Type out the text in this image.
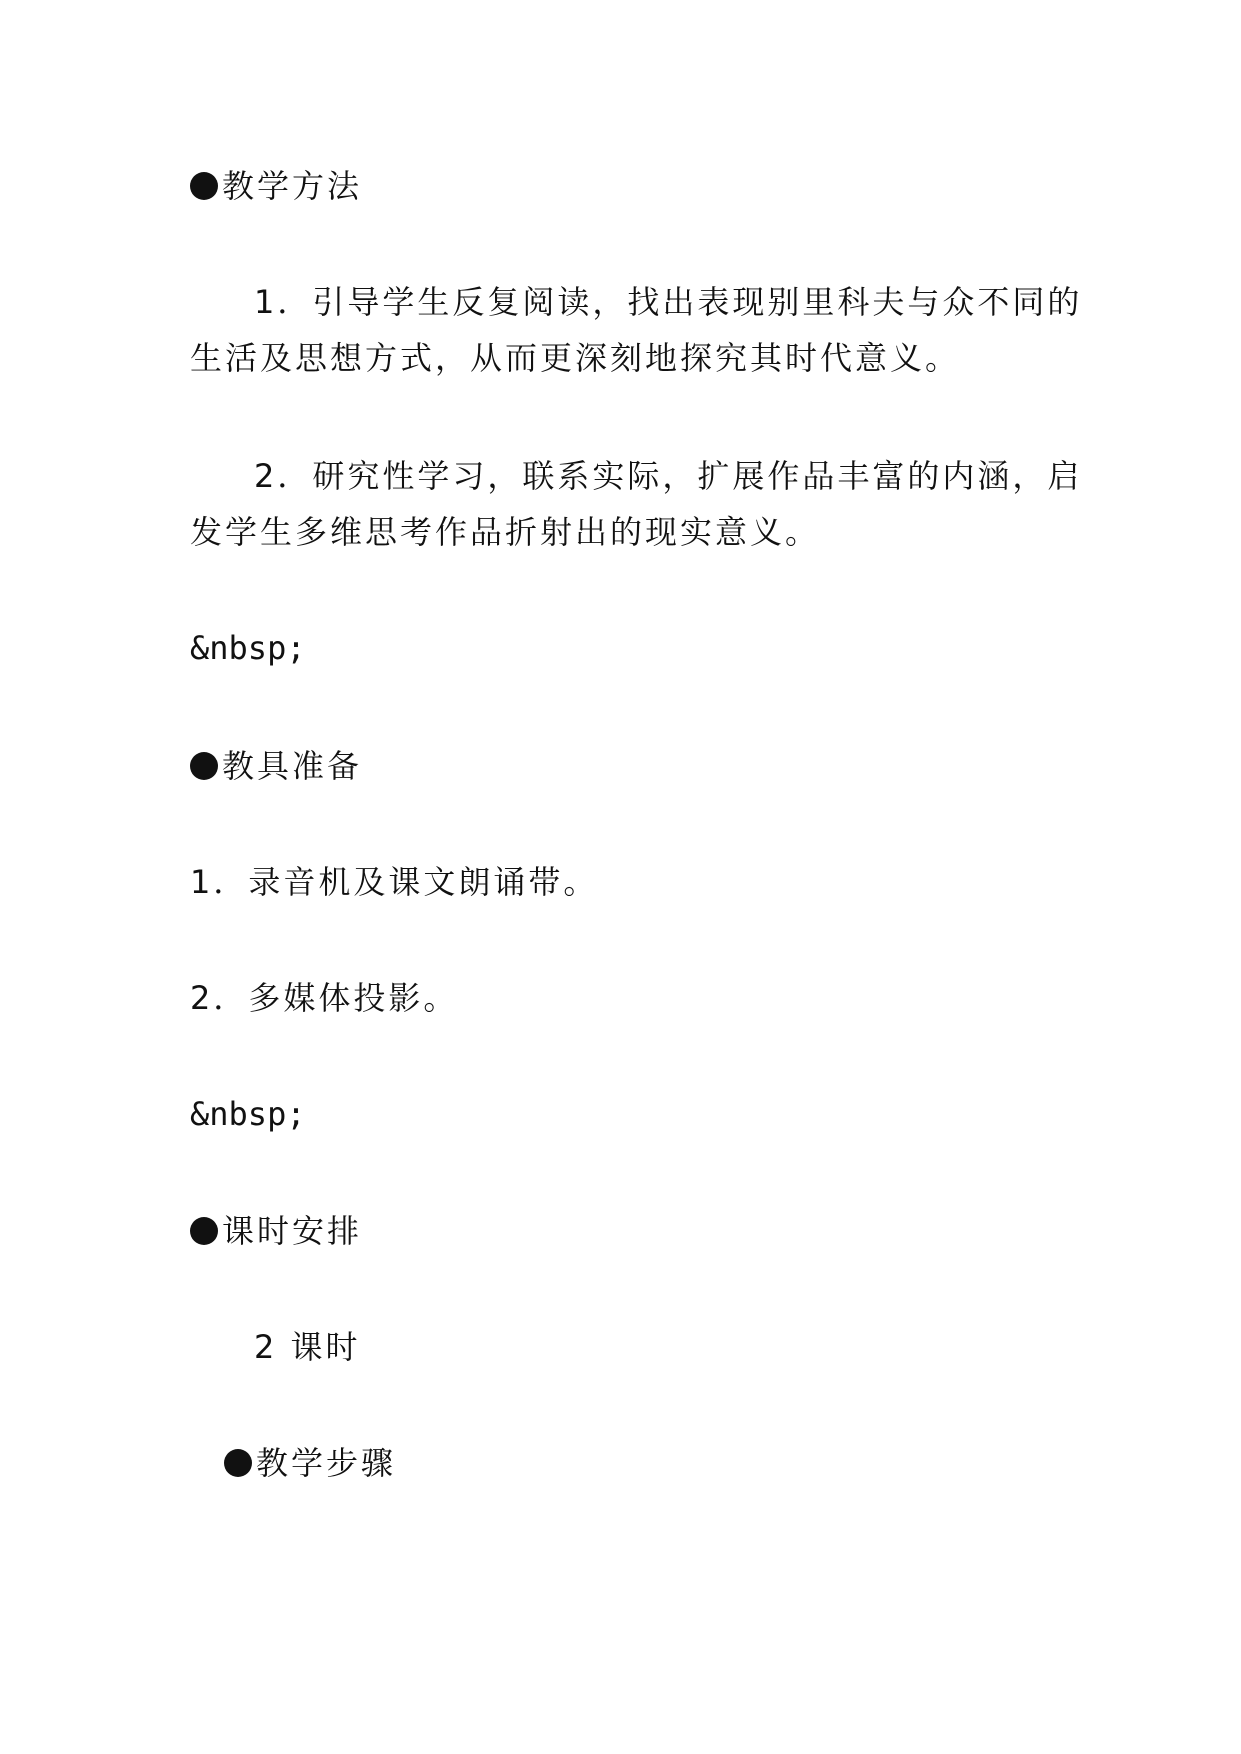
教学方法
1．引导学生反复阅读，找出表现别里科夫与众不同的
生活及思想方式，从而更深刻地探究其时代意义。
2．研究性学习，联系实际，扩展作品丰富的内涵，启
发学生多维思考作品折射出的现实意义。
&nbsp;
教具准备
1．录音机及课文朗诵带。
2．多媒体投影。
&nbsp;
课时安排
2 课时
教学步骤
